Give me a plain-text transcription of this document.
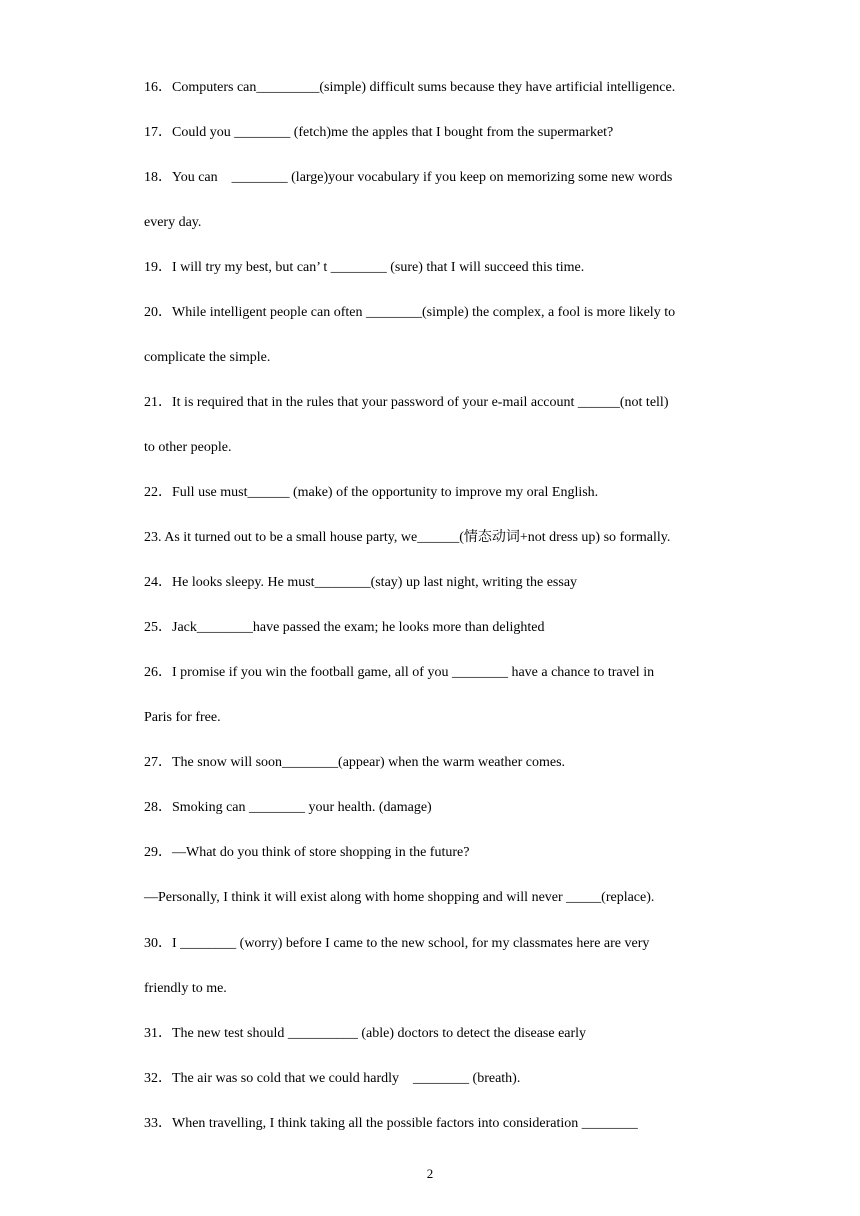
16．Computers can_________(simple) difficult sums because they have artificial intelligence.
17．Could you ________ (fetch)me the apples that I bought from the supermarket?
18．You can    ________ (large)your vocabulary if you keep on memorizing some new words
every day.
19．I will try my best, but can’ t ________ (sure) that I will succeed this time.
20．While intelligent people can often ________(simple) the complex, a fool is more likely to
complicate the simple.
21．It is required that in the rules that your password of your e-mail account ______(not tell)
to other people.
22．Full use must______ (make) of the opportunity to improve my oral English.
23. As it turned out to be a small house party, we______(情态动词+not dress up) so formally.
24．He looks sleepy. He must________(stay) up last night, writing the essay
25．Jack________have passed the exam; he looks more than delighted
26．I promise if you win the football game, all of you ________ have a chance to travel in
Paris for free.
27．The snow will soon________(appear) when the warm weather comes.
28．Smoking can ________ your health. (damage)
29．—What do you think of store shopping in the future?
—Personally, I think it will exist along with home shopping and will never _____(replace).
30．I ________ (worry) before I came to the new school, for my classmates here are very
friendly to me.
31．The new test should __________ (able) doctors to detect the disease early
32．The air was so cold that we could hardly    ________ (breath).
33．When travelling, I think taking all the possible factors into consideration ________
2
